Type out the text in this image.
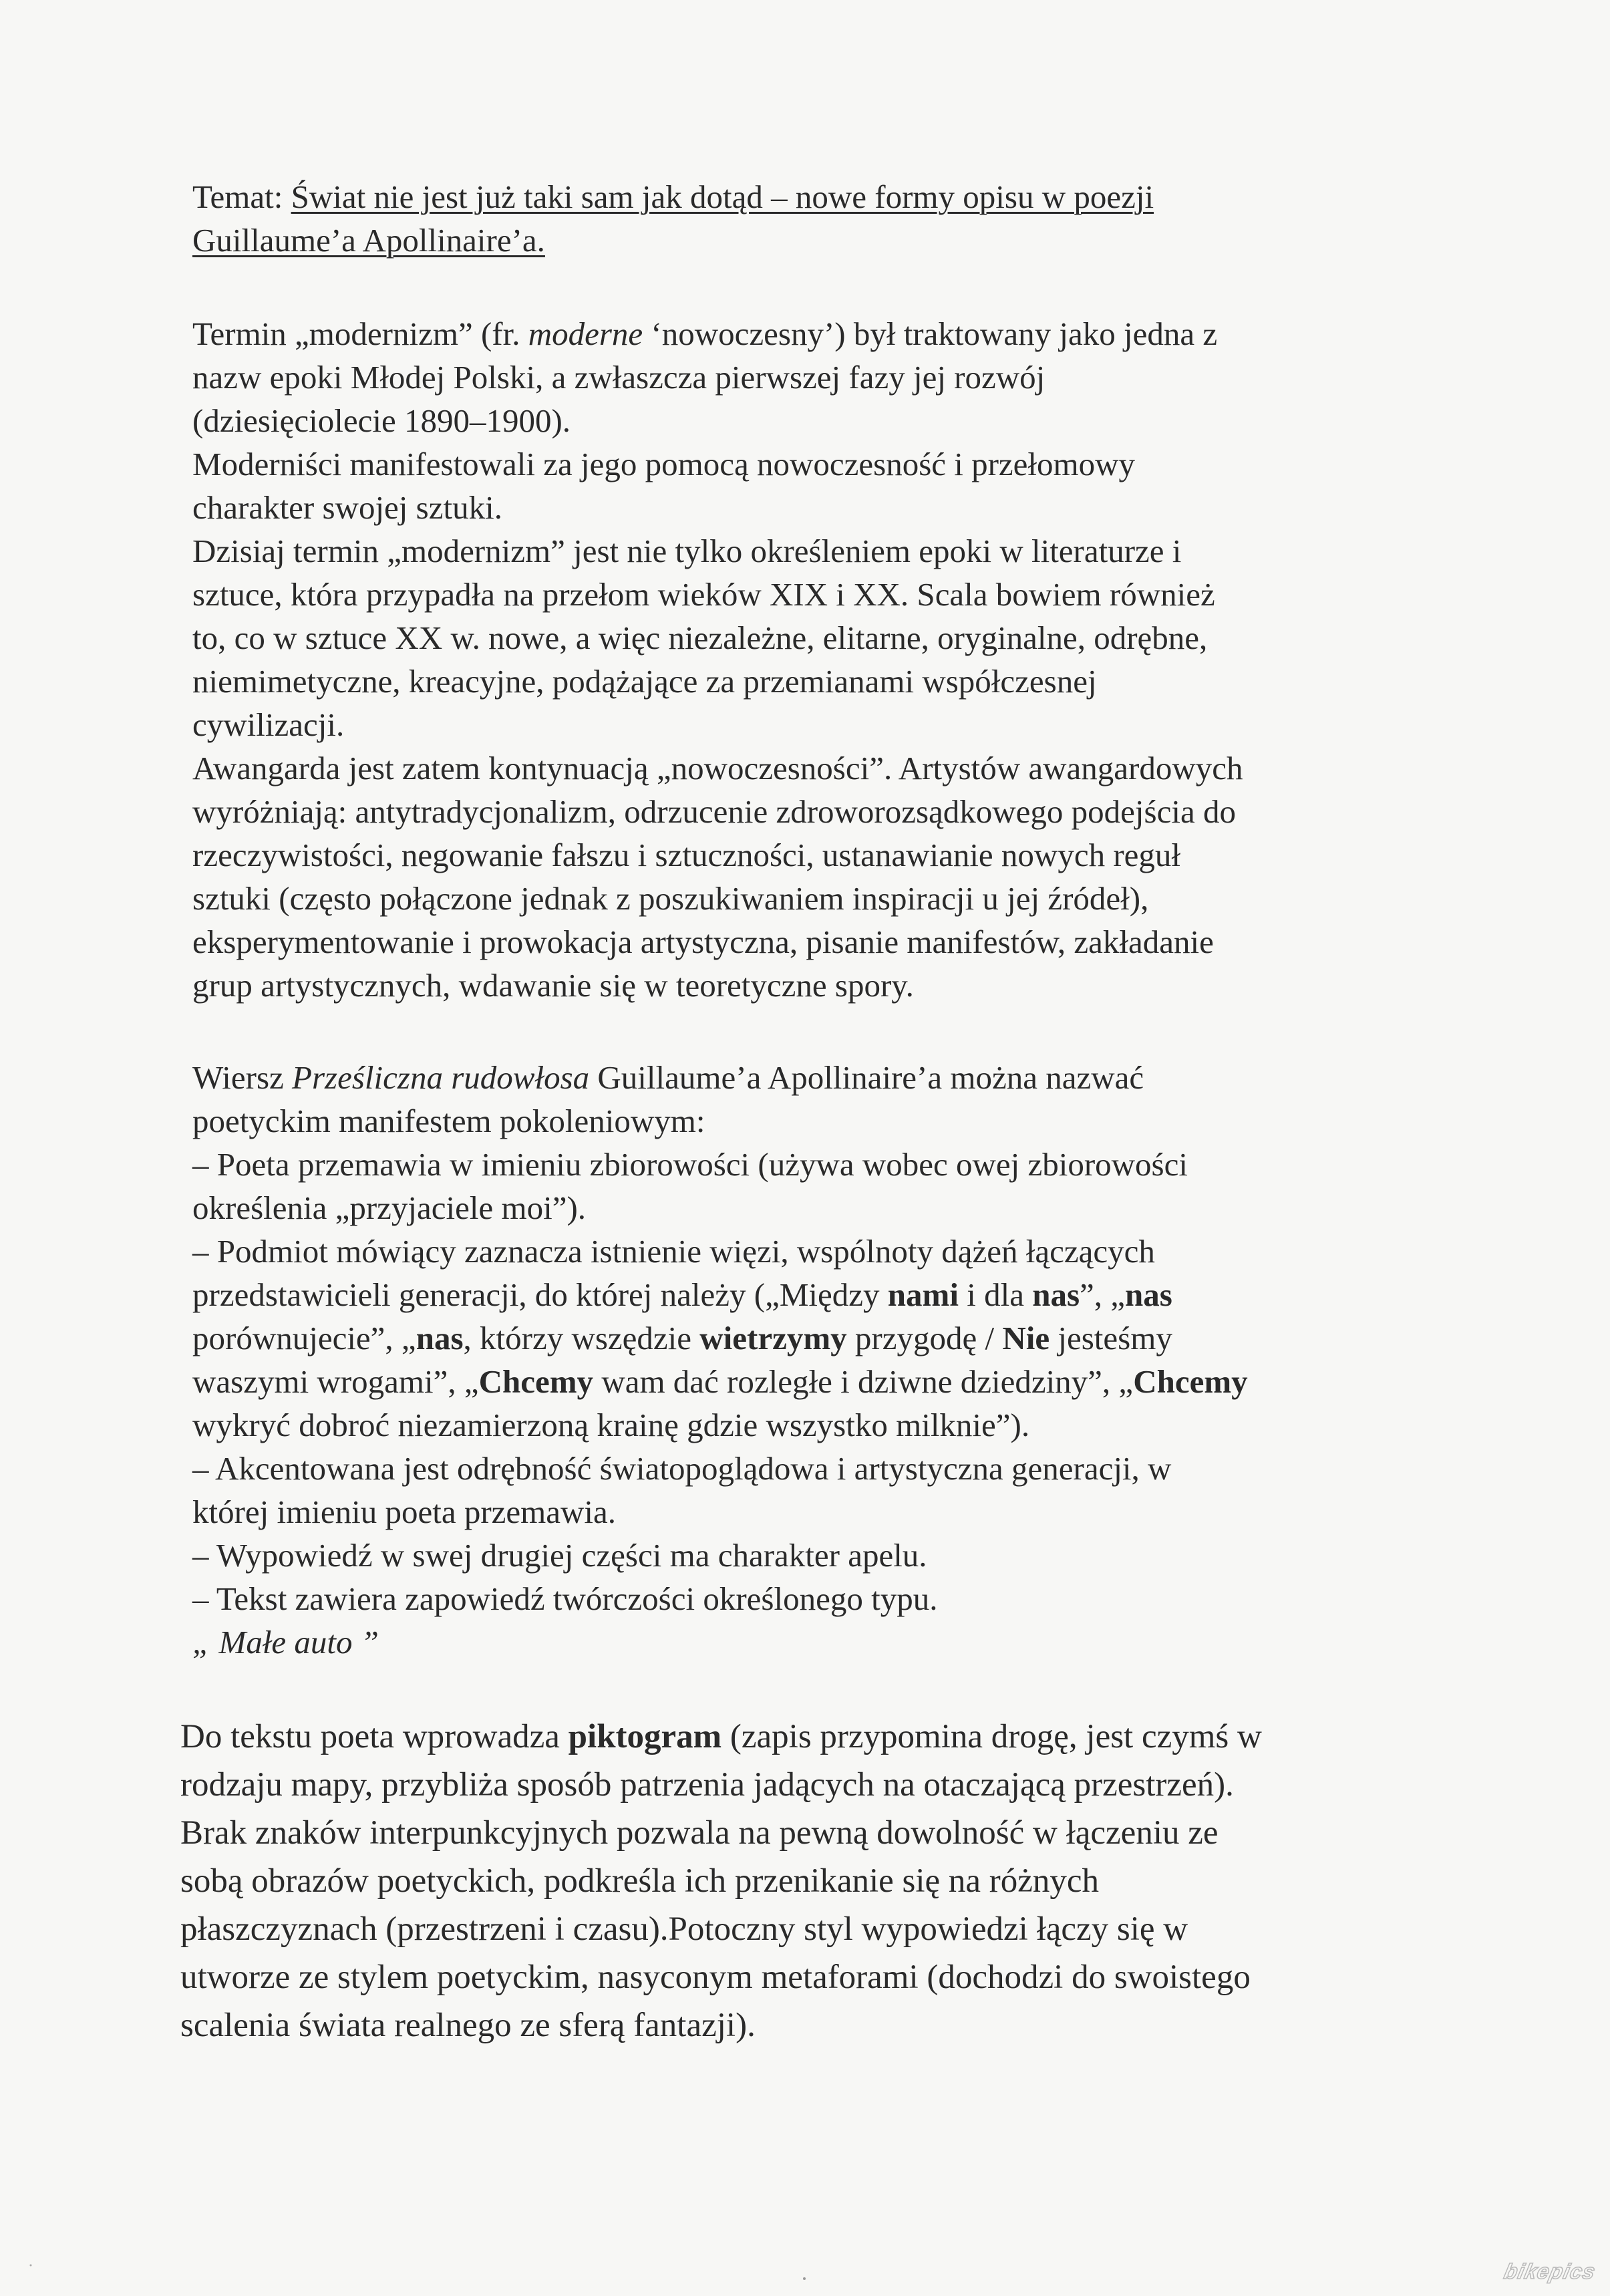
Temat: Świat nie jest już taki sam jak dotąd – nowe formy opisu w poezji
Guillaume’a Apollinaire’a.
Termin „modernizm” (fr. moderne ‘nowoczesny’) był traktowany jako jedna z
nazw epoki Młodej Polski, a zwłaszcza pierwszej fazy jej rozwój
(dziesięciolecie 1890–1900).
Moderniści manifestowali za jego pomocą nowoczesność i przełomowy
charakter swojej sztuki.
Dzisiaj termin „modernizm” jest nie tylko określeniem epoki w literaturze i
sztuce, która przypadła na przełom wieków XIX i XX. Scala bowiem również
to, co w sztuce XX w. nowe, a więc niezależne, elitarne, oryginalne, odrębne,
niemimetyczne, kreacyjne, podążające za przemianami współczesnej
cywilizacji.
Awangarda jest zatem kontynuacją „nowoczesności”. Artystów awangardowych
wyróżniają: antytradycjonalizm, odrzucenie zdroworozsądkowego podejścia do
rzeczywistości, negowanie fałszu i sztuczności, ustanawianie nowych reguł
sztuki (często połączone jednak z poszukiwaniem inspiracji u jej źródeł),
eksperymentowanie i prowokacja artystyczna, pisanie manifestów, zakładanie
grup artystycznych, wdawanie się w teoretyczne spory.
Wiersz Prześliczna rudowłosa Guillaume’a Apollinaire’a można nazwać
poetyckim manifestem pokoleniowym:
– Poeta przemawia w imieniu zbiorowości (używa wobec owej zbiorowości
określenia „przyjaciele moi”).
– Podmiot mówiący zaznacza istnienie więzi, wspólnoty dążeń łączących
przedstawicieli generacji, do której należy („Między nami i dla nas”, „nas
porównujecie”, „nas, którzy wszędzie wietrzymy przygodę / Nie jesteśmy
waszymi wrogami”, „Chcemy wam dać rozległe i dziwne dziedziny”, „Chcemy
wykryć dobroć niezamierzoną krainę gdzie wszystko milknie”).
– Akcentowana jest odrębność światopoglądowa i artystyczna generacji, w
której imieniu poeta przemawia.
– Wypowiedź w swej drugiej części ma charakter apelu.
– Tekst zawiera zapowiedź twórczości określonego typu.
„ Małe auto ”
Do tekstu poeta wprowadza piktogram (zapis przypomina drogę, jest czymś w
rodzaju mapy, przybliża sposób patrzenia jadących na otaczającą przestrzeń).
Brak znaków interpunkcyjnych pozwala na pewną dowolność w łączeniu ze
sobą obrazów poetyckich, podkreśla ich przenikanie się na różnych
płaszczyznach (przestrzeni i czasu).Potoczny styl wypowiedzi łączy się w
utworze ze stylem poetyckim, nasyconym metaforami (dochodzi do swoistego
scalenia świata realnego ze sferą fantazji).
bikepics
